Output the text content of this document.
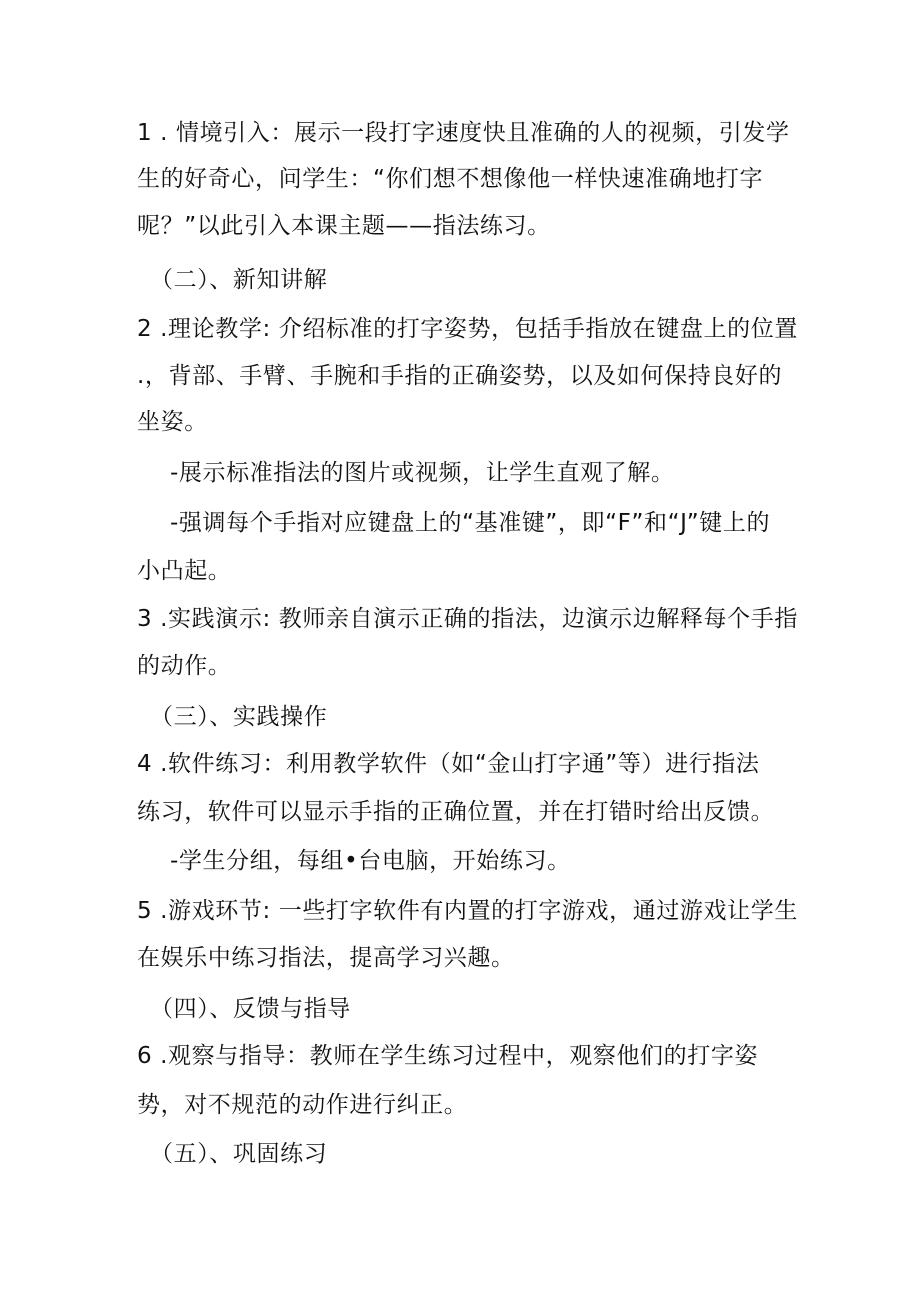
1 . 情境引入：展示一段打字速度快且准确的人的视频，引发学
生的好奇心，问学生：“你们想不想像他一样快速准确地打字
呢？”以此引入本课主题——指法练习。
（二）、新知讲解
2 .理论教学: 介绍标准的打字姿势，包括手指放在键盘上的位置
.，背部、手臂、手腕和手指的正确姿势，以及如何保持良好的
坐姿。
-展示标准指法的图片或视频，让学生直观了解。
-强调每个手指对应键盘上的“基准键”，即“F”和“J”键上的
小凸起。
3 .实践演示: 教师亲自演示正确的指法，边演示边解释每个手指
的动作。
（三）、实践操作
4 .软件练习：利用教学软件（如“金山打字通”等）进行指法
练习，软件可以显示手指的正确位置，并在打错时给出反馈。
-学生分组，每组•台电脑，开始练习。
5 .游戏环节: 一些打字软件有内置的打字游戏，通过游戏让学生
在娱乐中练习指法，提高学习兴趣。
（四）、反馈与指导
6 .观察与指导：教师在学生练习过程中，观察他们的打字姿
势，对不规范的动作进行纠正。
（五）、巩固练习
